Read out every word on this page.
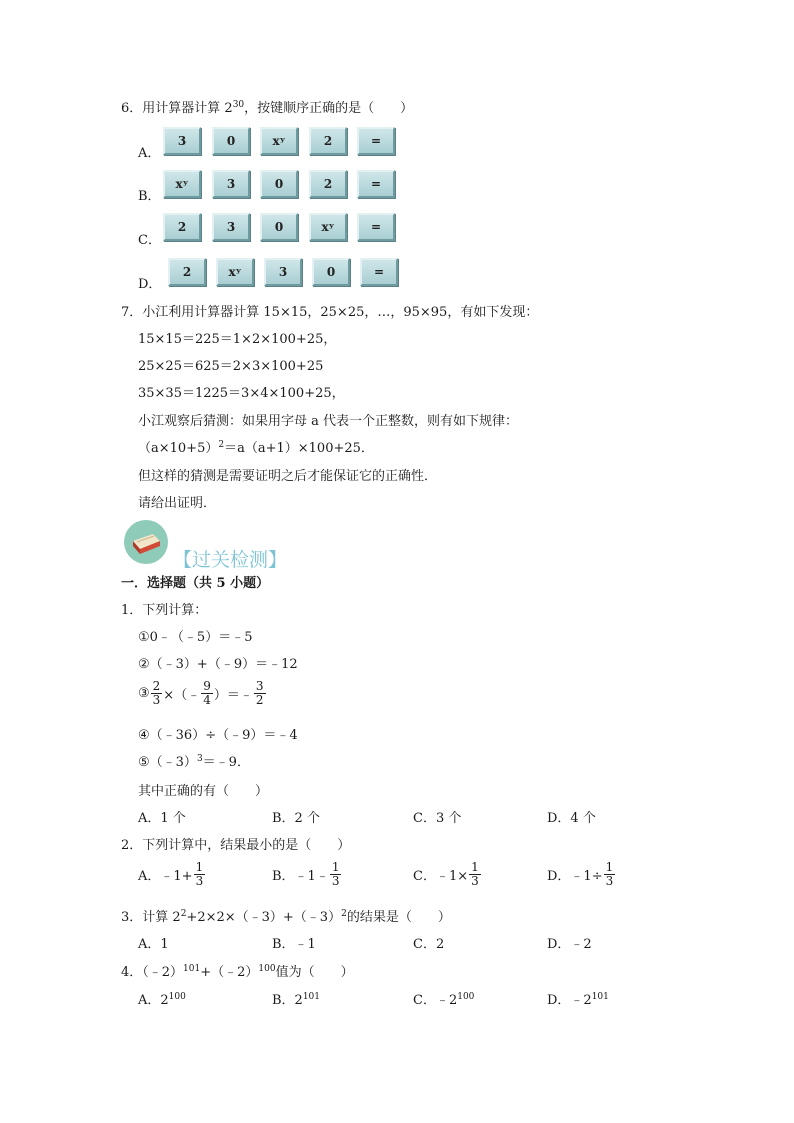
6．用计算器计算 $2^{30}$，按键顺序正确的是（　　）
A．
3	0	xʸ	2	=
B．
xʸ	3	0	2	=
C．
2	3	0	xʸ	=
D．
2	xʸ	3	0	=
7．小江利用计算器计算 15×15，25×25，…，95×95，有如下发现：
15×15＝225＝1×2×100+25，
25×25＝625＝2×3×100+25
35×35＝1225＝3×4×100+25，
小江观察后猜测：如果用字母 a 代表一个正整数，则有如下规律：
$(a\times 10+5)^2=a(a+1)\times 100+25$．
但这样的猜测是需要证明之后才能保证它的正确性．
请给出证明．
【过关检测】
一．选择题（共 5 小题）
1．下列计算：
①0﹣（﹣5）＝﹣5
②（﹣3）+（﹣9）＝﹣12
③ $\frac{2}{3}$ ×（﹣ $\frac{9}{4}$ ）＝﹣ $\frac{3}{2}$
④（﹣36）÷（﹣9）＝﹣4
⑤（﹣3）$^3$＝﹣9．
其中正确的有（　　）
A．1 个	B．2 个	C．3 个	D．4 个
2．下列计算中，结果最小的是（　　）
A．﹣1+ $\frac{1}{3}$	B．﹣1﹣ $\frac{1}{3}$	C．﹣1× $\frac{1}{3}$	D．﹣1÷ $\frac{1}{3}$
3．计算 $2^2+2\times 2\times(﹣3)+(﹣3)^2$的结果是（　　）
A．1	B．﹣1	C．2	D．﹣2
4．（﹣2）$^{101}$+（﹣2）$^{100}$值为（　　）
A．$2^{100}$	B．$2^{101}$	C．$﹣2^{100}$	D．$﹣2^{101}$
